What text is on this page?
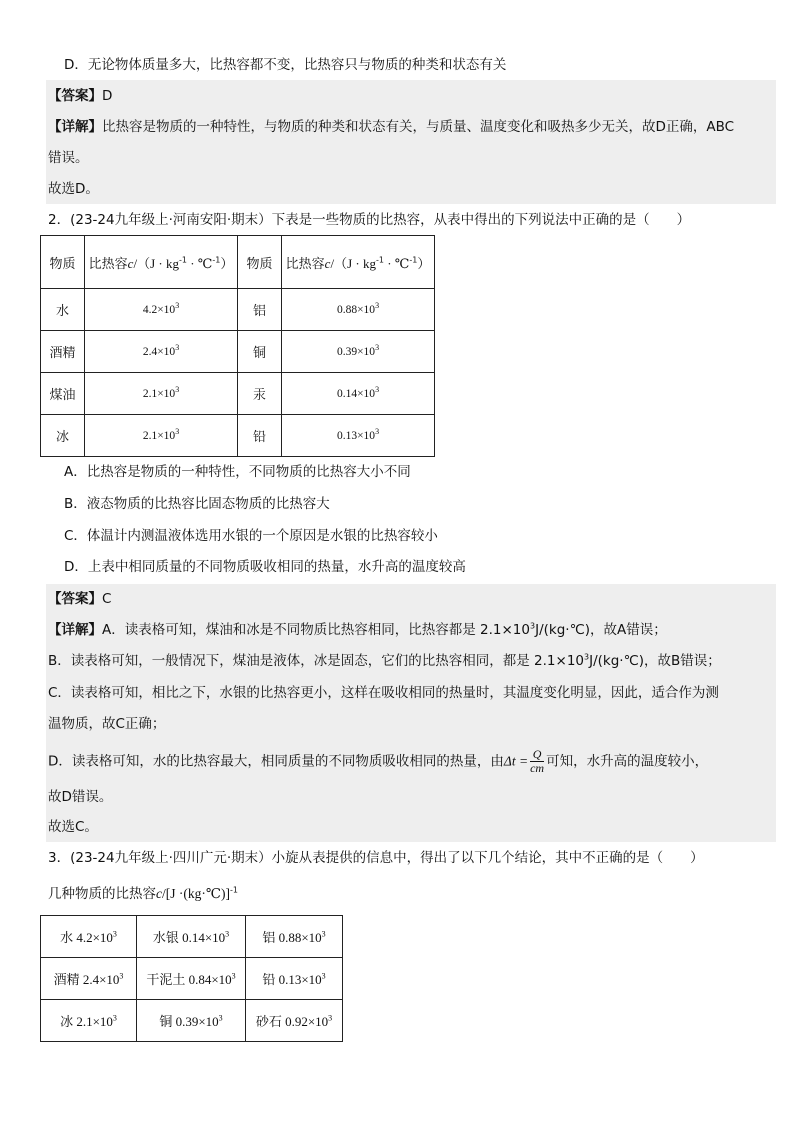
D．无论物体质量多大，比热容都不变，比热容只与物质的种类和状态有关
【答案】D
【详解】比热容是物质的一种特性，与物质的种类和状态有关，与质量、温度变化和吸热多少无关，故D正确，ABC
错误。
故选D。
2．(23-24九年级上·河南安阳·期末）下表是一些物质的比热容，从表中得出的下列说法中正确的是（　　）
物质	比热容$c/(J \cdot kg^{-1}$ · ℃$^{-1}$）	物质	比热容$c/(J \cdot kg^{-1}$ · ℃$^{-1}$）
水	$4.2\times 10^3$	铝	$0.88\times 10^3$
酒精	$2.4\times 10^3$	铜	$0.39\times 10^3$
煤油	$2.1\times 10^3$	汞	$0.14\times 10^3$
冰	$2.1\times 10^3$	铅	$0.13\times 10^3$
A．比热容是物质的一种特性，不同物质的比热容大小不同
B．液态物质的比热容比固态物质的比热容大
C．体温计内测温液体选用水银的一个原因是水银的比热容较小
D．上表中相同质量的不同物质吸收相同的热量，水升高的温度较高
【答案】C
【详解】A．读表格可知，煤油和冰是不同物质比热容相同，比热容都是 $2.1\times 10^3J/(kg\cdot℃)$，故A错误；
B．读表格可知，一般情况下，煤油是液体，冰是固态，它们的比热容相同，都是 $2.1\times 10^3J/(kg\cdot℃)$，故B错误；
C．读表格可知，相比之下，水银的比热容更小，这样在吸收相同的热量时，其温度变化明显，因此，适合作为测
温物质，故C正确；
D．读表格可知，水的比热容最大，相同质量的不同物质吸收相同的热量，由$\Delta t = \frac{Q}{cm}$ 可知，水升高的温度较小，
故D错误。
故选C。
3．(23-24九年级上·四川广元·期末）小旋从表提供的信息中，得出了以下几个结论，其中不正确的是（　　）
几种物质的比热容c/[J ·(kg·℃)]$^{-1}$
水 $4.2\times 10^3$	水银 $0.14\times 10^3$	铝 $0.88\times 10^3$
酒精 $2.4\times 10^3$	干泥土 $0.84\times 10^3$	铅 $0.13\times 10^3$
冰 $2.1\times 10^3$	铜 $0.39\times 10^3$	砂石 $0.92\times 10^3$
